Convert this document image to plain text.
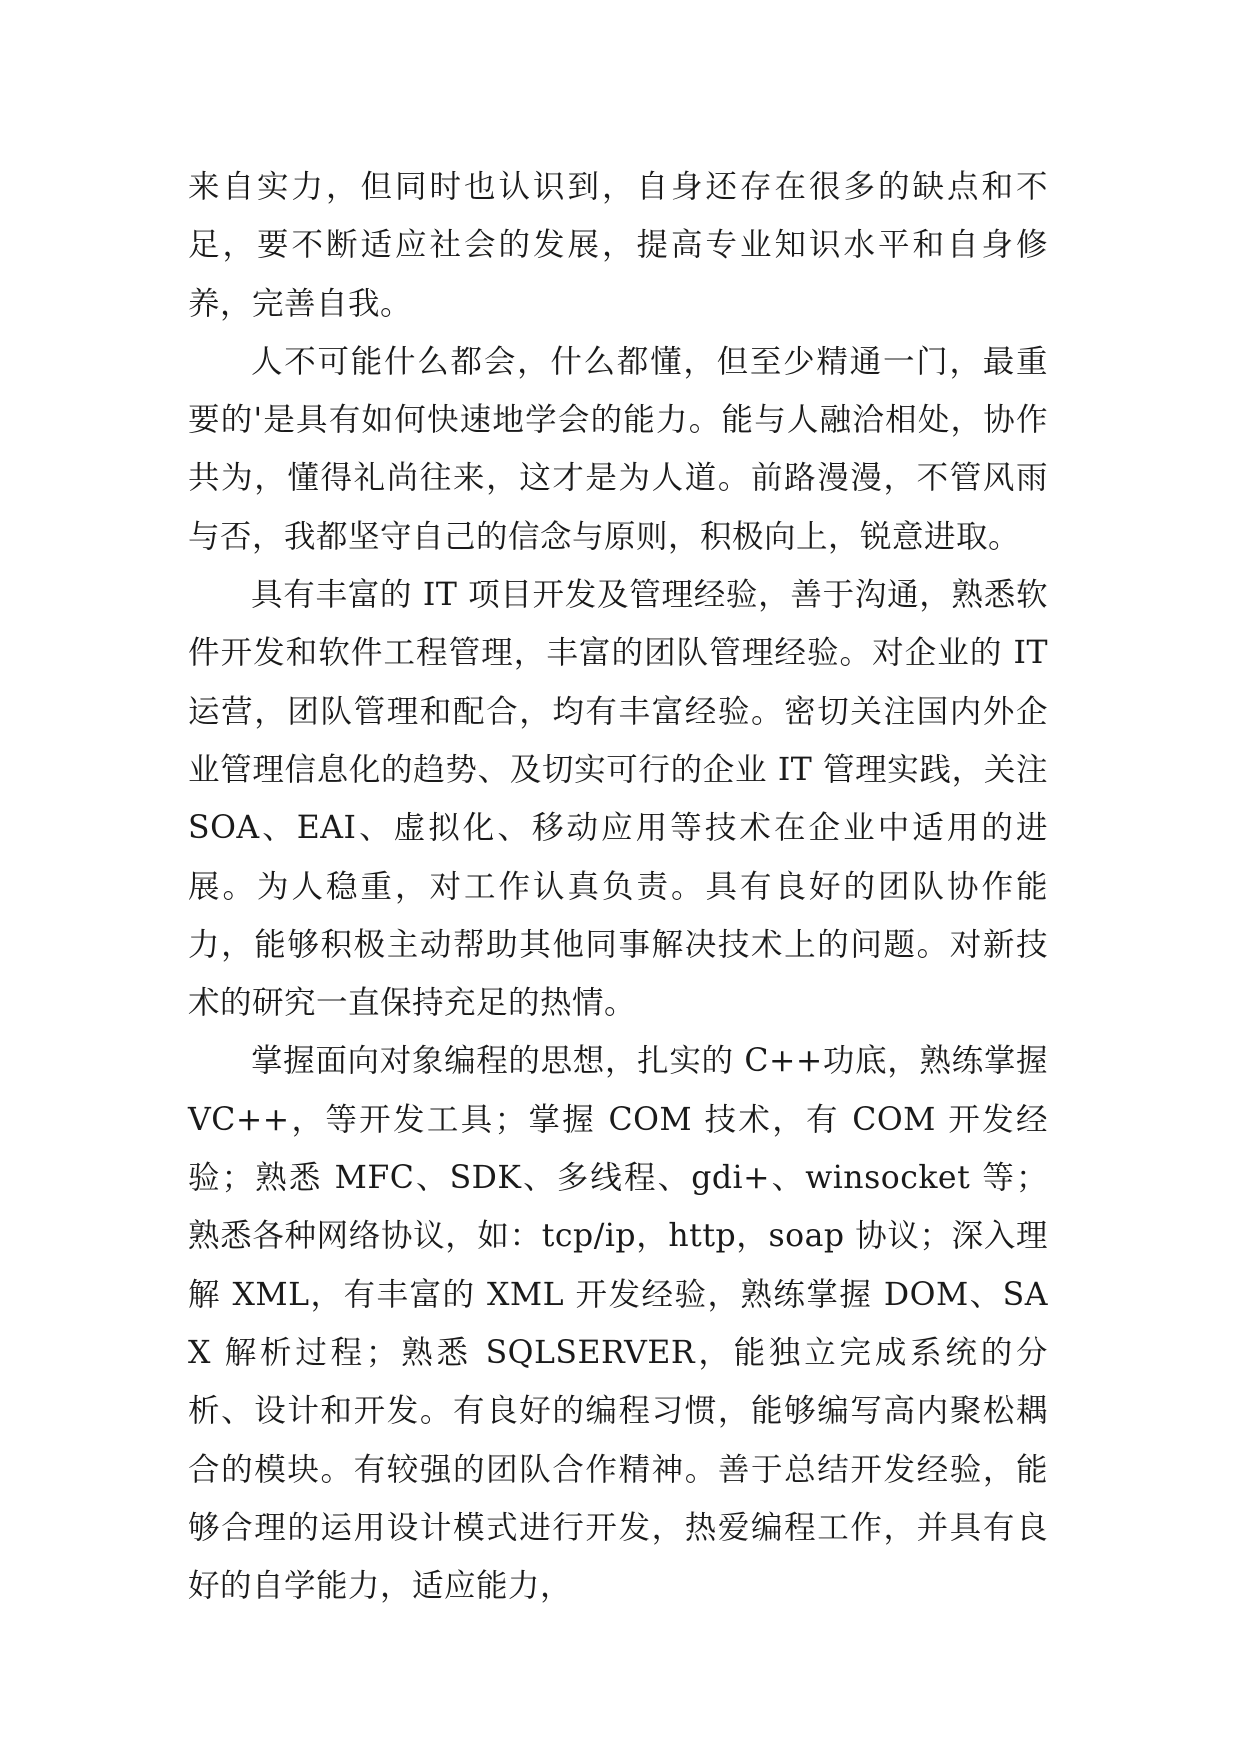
来自实力，但同时也认识到，自身还存在很多的缺点和不足，要不断适应社会的发展，提高专业知识水平和自身修养，完善自我。

人不可能什么都会，什么都懂，但至少精通一门，最重要的'是具有如何快速地学会的能力。能与人融洽相处，协作共为，懂得礼尚往来，这才是为人道。前路漫漫，不管风雨与否，我都坚守自己的信念与原则，积极向上，锐意进取。

具有丰富的 IT 项目开发及管理经验，善于沟通，熟悉软件开发和软件工程管理，丰富的团队管理经验。对企业的 IT 运营，团队管理和配合，均有丰富经验。密切关注国内外企业管理信息化的趋势、及切实可行的企业 IT 管理实践，关注 SOA、EAI、虚拟化、移动应用等技术在企业中适用的进展。为人稳重，对工作认真负责。具有良好的团队协作能力，能够积极主动帮助其他同事解决技术上的问题。对新技术的研究一直保持充足的热情。

掌握面向对象编程的思想，扎实的 C++功底，熟练掌握 VC++，等开发工具；掌握 COM 技术，有 COM 开发经验；熟悉 MFC、SDK、多线程、gdi+、winsocket 等；熟悉各种网络协议，如：tcp/ip，http，soap 协议；深入理解 XML，有丰富的 XML 开发经验，熟练掌握 DOM、SAX 解析过程；熟悉 SQLSERVER，能独立完成系统的分析、设计和开发。有良好的编程习惯，能够编写高内聚松耦合的模块。有较强的团队合作精神。善于总结开发经验，能够合理的运用设计模式进行开发，热爱编程工作，并具有良好的自学能力，适应能力，
